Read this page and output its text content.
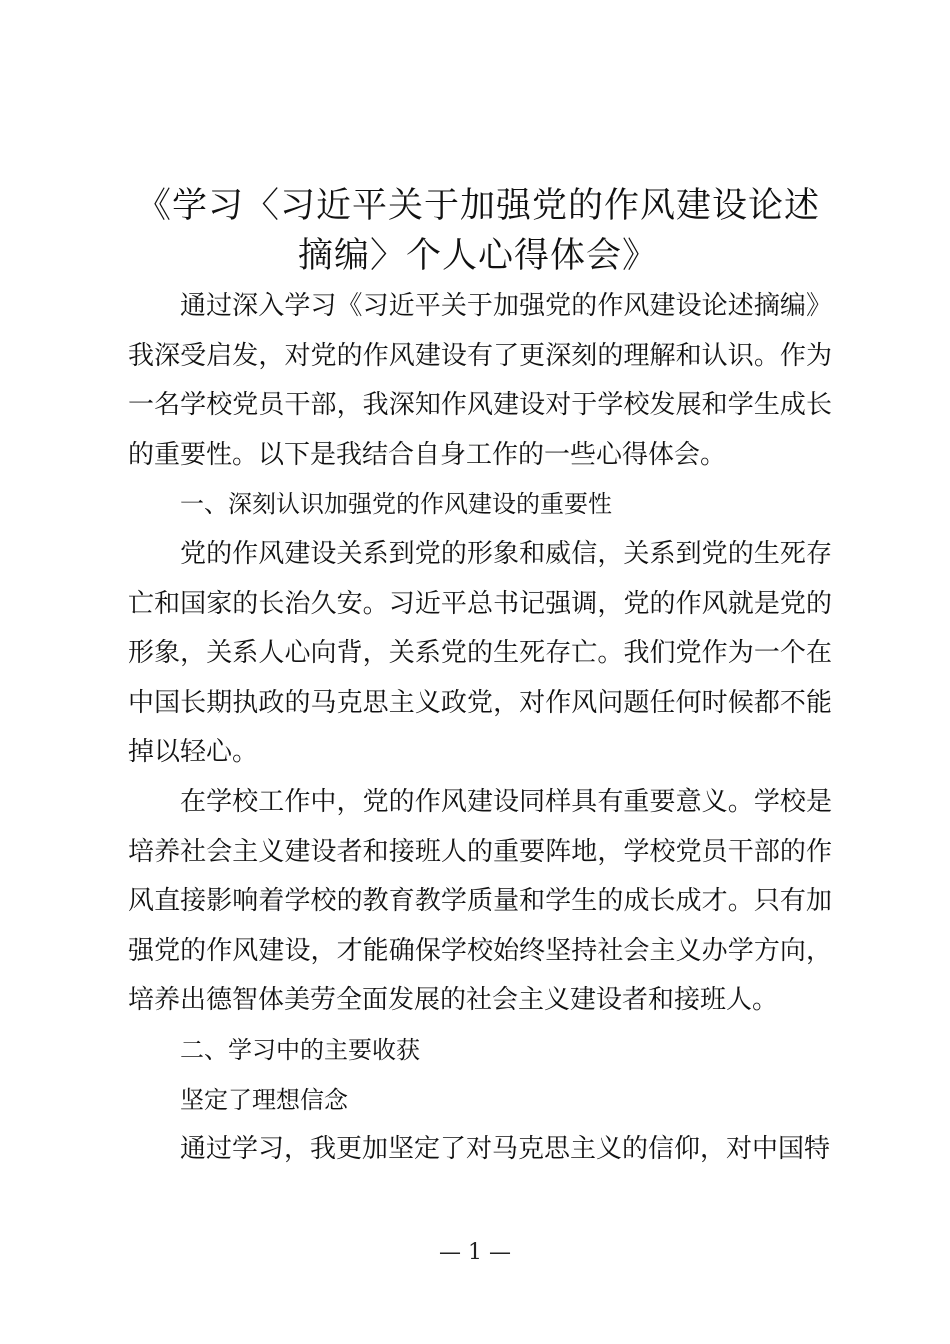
《学习〈习近平关于加强党的作风建设论述摘编〉个人心得体会》

通过深入学习《习近平关于加强党的作风建设论述摘编》我深受启发，对党的作风建设有了更深刻的理解和认识。作为一名学校党员干部，我深知作风建设对于学校发展和学生成长的重要性。以下是我结合自身工作的一些心得体会。

一、深刻认识加强党的作风建设的重要性

党的作风建设关系到党的形象和威信，关系到党的生死存亡和国家的长治久安。习近平总书记强调，党的作风就是党的形象，关系人心向背，关系党的生死存亡。我们党作为一个在中国长期执政的马克思主义政党，对作风问题任何时候都不能掉以轻心。

在学校工作中，党的作风建设同样具有重要意义。学校是培养社会主义建设者和接班人的重要阵地，学校党员干部的作风直接影响着学校的教育教学质量和学生的成长成才。只有加强党的作风建设，才能确保学校始终坚持社会主义办学方向，培养出德智体美劳全面发展的社会主义建设者和接班人。

二、学习中的主要收获

坚定了理想信念

通过学习，我更加坚定了对马克思主义的信仰，对中国特

— 1 —
